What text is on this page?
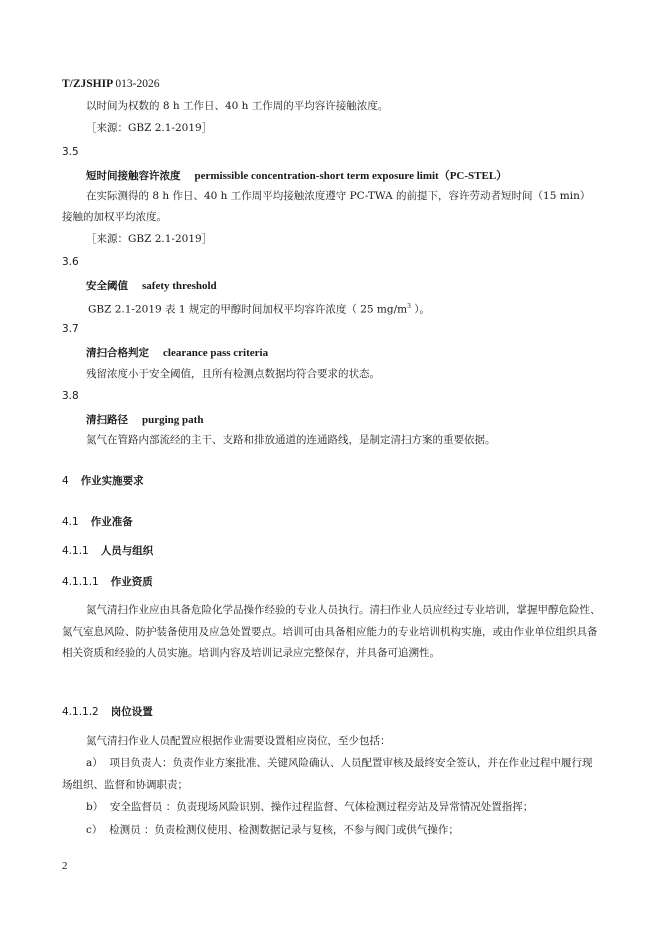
T/ZJSHIP 013-2026
以时间为权数的 8 h 工作日、40 h 工作周的平均容许接触浓度。
［来源：GBZ 2.1-2019］
3.5
短时间接触容许浓度 permissible concentration-short term exposure limit（PC-STEL）
在实际测得的 8 h 作日、40 h 工作周平均接触浓度遵守 PC-TWA 的前提下，容许劳动者短时间（15 min）
接触的加权平均浓度。
［来源：GBZ 2.1-2019］
3.6
安全阈值 safety threshold
GBZ 2.1-2019 表 1 规定的甲醇时间加权平均容许浓度（ 25 $mg/m^3$ ）。
3.7
清扫合格判定 clearance pass criteria
残留浓度小于安全阈值，且所有检测点数据均符合要求的状态。
3.8
清扫路径 purging path
氮气在管路内部流经的主干、支路和排放通道的连通路线，是制定清扫方案的重要依据。
4 作业实施要求
4.1 作业准备
4.1.1 人员与组织
4.1.1.1 作业资质
氮气清扫作业应由具备危险化学品操作经验的专业人员执行。清扫作业人员应经过专业培训，掌握甲醇危险性、氮气室息风险、防护装备使用及应急处置要点。培训可由具备相应能力的专业培训机构实施，或由作业单位组织具备相关资质和经验的人员实施。培训内容及培训记录应完整保存，并具备可追溯性。
4.1.1.2 岗位设置
氮气清扫作业人员配置应根据作业需要设置相应岗位，至少包括：
a） 项目负责人：负责作业方案批准、关键风险确认、人员配置审核及最终安全签认，并在作业过程中履行现场组织、监督和协调职责；
b） 安全监督员 ：负责现场风险识别、操作过程监督、气体检测过程旁站及异常情况处置指挥；
c） 检测员 ：负责检测仪使用、检测数据记录与复核，不参与阀门或供气操作；
2
